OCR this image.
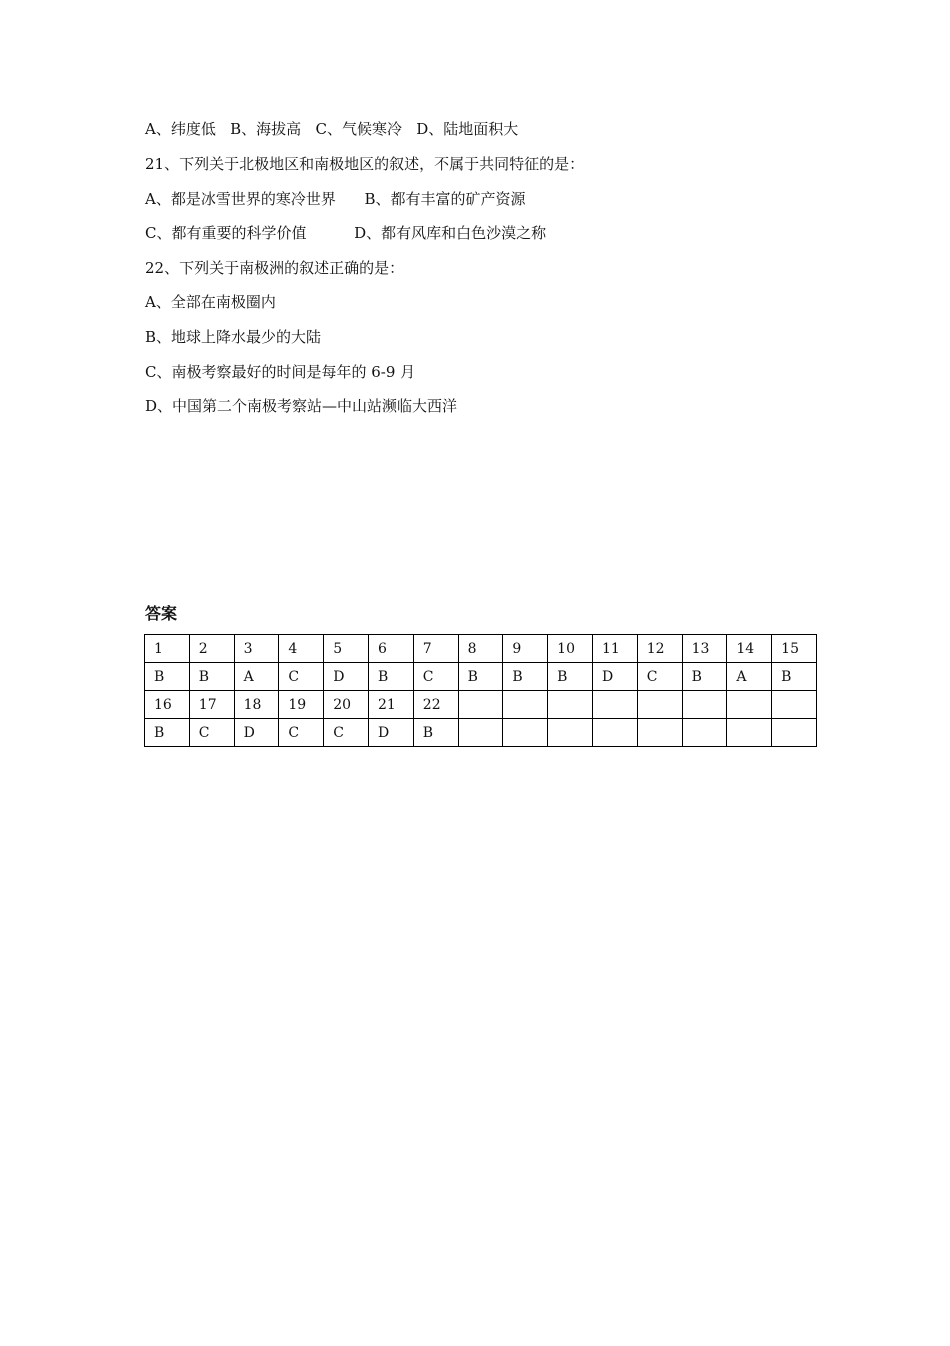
A、纬度低   B、海拔高   C、气候寒冷   D、陆地面积大
21、下列关于北极地区和南极地区的叙述，不属于共同特征的是：
A、都是冰雪世界的寒冷世界      B、都有丰富的矿产资源
C、都有重要的科学价值          D、都有风库和白色沙漠之称
22、下列关于南极洲的叙述正确的是：
A、全部在南极圈内
B、地球上降水最少的大陆
C、南极考察最好的时间是每年的 6-9 月
D、中国第二个南极考察站—中山站濒临大西洋
答案
1	2	3	4	5	6	7	8	9	10	11	12	13	14	15
B	B	A	C	D	B	C	B	B	B	D	C	B	A	B
16	17	18	19	20	21	22								
B	C	D	C	C	D	B								
